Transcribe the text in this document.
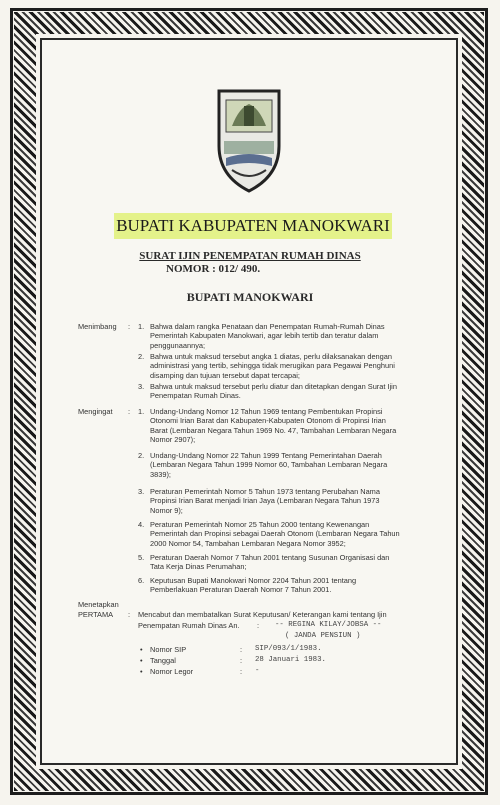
BUPATI KABUPATEN MANOKWARI
SURAT IJIN PENEMPATAN RUMAH DINAS
NOMOR : 012/ 490.
BUPATI MANOKWARI
Menimbang : 1. Bahwa dalam rangka Penataan dan Penempatan Rumah-Rumah Dinas
Pemerintah Kabupaten Manokwari, agar lebih tertib dan teratur dalam
penggunaannya;
2. Bahwa untuk maksud tersebut angka 1 diatas, perlu dilaksanakan dengan
administrasi yang tertib, sehingga tidak merugikan para Pegawai Penghuni
disamping dan tujuan tersebut dapat tercapai;
3. Bahwa untuk maksud tersebut perlu diatur dan ditetapkan dengan Surat Ijin
Penempatan Rumah Dinas.
Mengingat : 1. Undang-Undang Nomor 12 Tahun 1969 tentang Pembentukan Propinsi
Otonomi Irian Barat dan Kabupaten-Kabupaten Otonom di Propinsi Irian
Barat (Lembaran Negara Tahun 1969 No. 47, Tambahan Lembaran Negara
Nomor 2907);
2. Undang-Undang Nomor 22 Tahun 1999 Tentang Pemerintahan Daerah
(Lembaran Negara Tahun 1999 Nomor 60, Tambahan Lembaran Negara
3839);
3. Peraturan Pemerintah Nomor 5 Tahun 1973 tentang Perubahan Nama
Propinsi Irian Barat menjadi Irian Jaya (Lembaran Negara Tahun 1973
Nomor 9);
4. Peraturan Pemerintah Nomor 25 Tahun 2000 tentang Kewenangan
Pemerintah dan Propinsi sebagai Daerah Otonom (Lembaran Negara Tahun
2000 Nomor 54, Tambahan Lembaran Negara Nomor 3952;
5. Peraturan Daerah Nomor 7 Tahun 2001 tentang Susunan Organisasi dan
Tata Kerja Dinas Perumahan;
6. Keputusan Bupati Manokwari Nomor 2204 Tahun 2001 tentang
Pemberlakuan Peraturan Daerah Nomor 7 Tahun 2001.
Menetapkan
PERTAMA : Mencabut dan membatalkan Surat Keputusan/ Keterangan kami tentang Ijin
Penempatan Rumah Dinas An. : -- REGINA KILAY/JOBSA --
( JANDA PENSIUN )
• Nomor SIP	: SIP/093/1/1983.
• Tanggal	: 28 Januari 1983.
• Nomor Legor	: -
